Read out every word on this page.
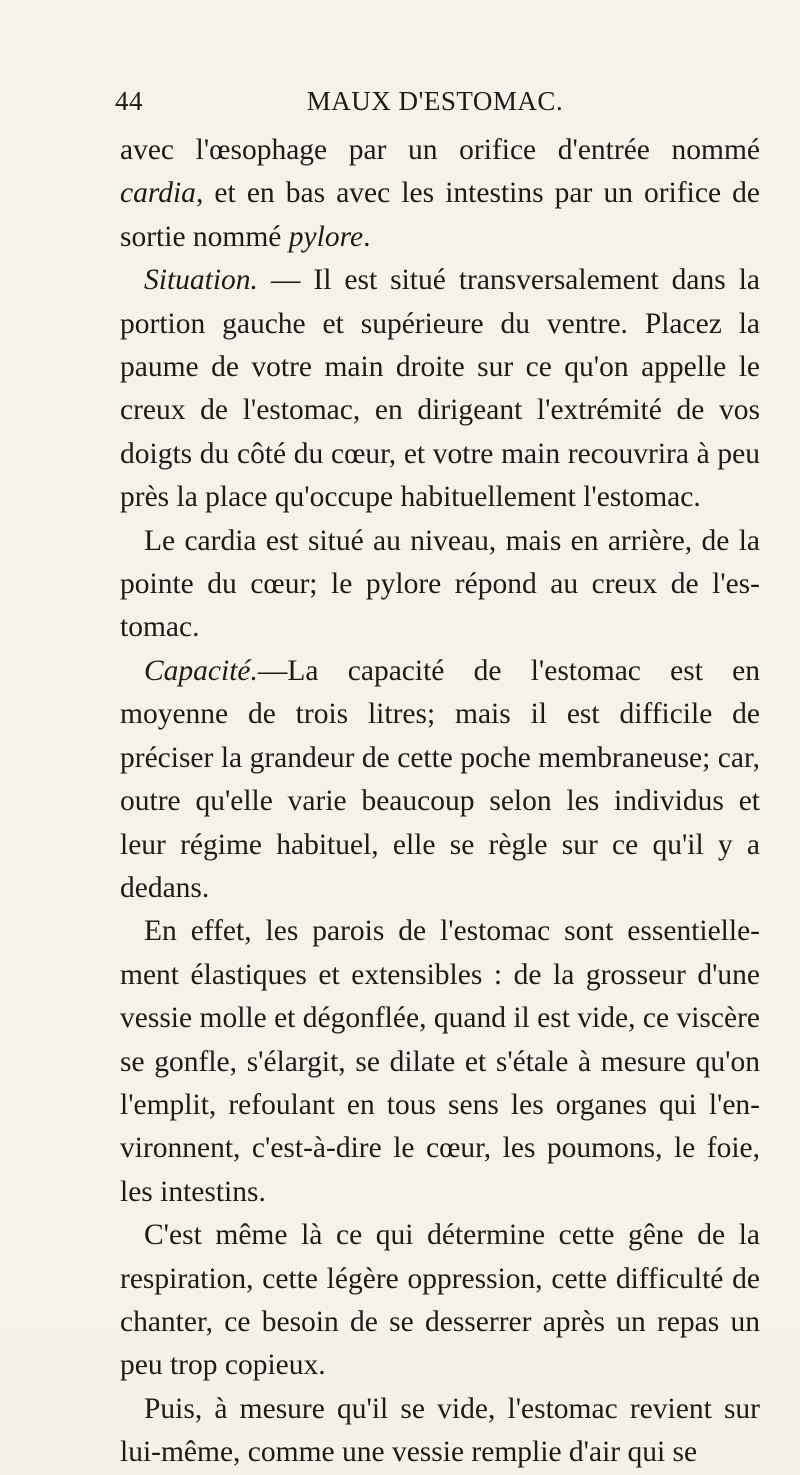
44	MAUX D'ESTOMAC.

avec l'œsophage par un orifice d'entrée nommé cardia, et en bas avec les intestins par un orifice de sortie nommé pylore.

Situation. — Il est situé transversalement dans la portion gauche et supérieure du ventre. Placez la paume de votre main droite sur ce qu'on appelle le creux de l'estomac, en dirigeant l'extrémité de vos doigts du côté du cœur, et votre main recouvrira à peu près la place qu'occupe habituellement l'estomac.

Le cardia est situé au niveau, mais en arrière, de la pointe du cœur; le pylore répond au creux de l'es-tomac.

Capacité.—La capacité de l'estomac est en moyenne de trois litres; mais il est difficile de préciser la grandeur de cette poche membraneuse; car, outre qu'elle varie beaucoup selon les individus et leur régime habituel, elle se règle sur ce qu'il y a dedans.

En effet, les parois de l'estomac sont essentielle-ment élastiques et extensibles : de la grosseur d'une vessie molle et dégonflée, quand il est vide, ce viscère se gonfle, s'élargit, se dilate et s'étale à mesure qu'on l'emplit, refoulant en tous sens les organes qui l'en-vironnent, c'est-à-dire le cœur, les poumons, le foie, les intestins.

C'est même là ce qui détermine cette gêne de la respiration, cette légère oppression, cette difficulté de chanter, ce besoin de se desserrer après un repas un peu trop copieux.

Puis, à mesure qu'il se vide, l'estomac revient sur lui-même, comme une vessie remplie d'air qui se
